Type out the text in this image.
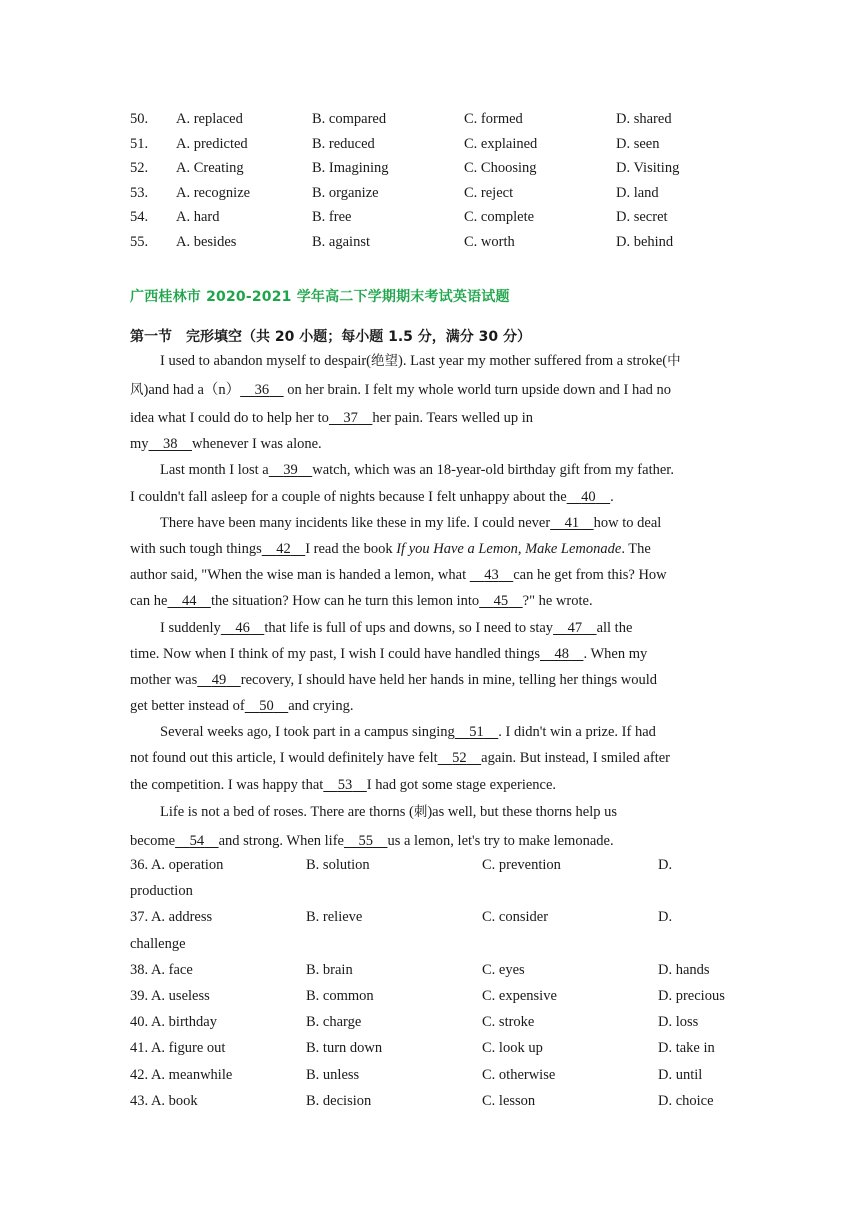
50. A. replaced	B. compared	C. formed	D. shared
51. A. predicted	B. reduced	C. explained	D. seen
52. A. Creating	B. Imagining	C. Choosing	D. Visiting
53. A. recognize	B. organize	C. reject	D. land
54. A. hard	B. free	C. complete	D. secret
55. A. besides	B. against	C. worth	D. behind
广西桂林市 2020-2021 学年高二下学期期末考试英语试题
第一节　完形填空（共 20 小题；每小题 1.5 分，满分 30 分）
I used to abandon myself to despair(绝望). Last year my mother suffered from a stroke(中
风)and had a（n） 36 on her brain. I felt my whole world turn upside down and I had no
idea what I could do to help her to 37 her pain. Tears welled up in
my 38 whenever I was alone.
Last month I lost a 39 watch, which was an 18-year-old birthday gift from my father.
I couldn't fall asleep for a couple of nights because I felt unhappy about the 40 .
There have been many incidents like these in my life. I could never 41 how to deal
with such tough things 42 I read the book If you Have a Lemon, Make Lemonade. The
author said, "When the wise man is handed a lemon, what 43 can he get from this? How
can he 44 the situation? How can he turn this lemon into 45 ?" he wrote.
I suddenly 46 that life is full of ups and downs, so I need to stay 47 all the
time. Now when I think of my past, I wish I could have handled things 48 . When my
mother was 49 recovery, I should have held her hands in mine, telling her things would
get better instead of 50 and crying.
Several weeks ago, I took part in a campus singing 51 . I didn't win a prize. If had
not found out this article, I would definitely have felt 52 again. But instead, I smiled after
the competition. I was happy that 53 I had got some stage experience.
Life is not a bed of roses. There are thorns (刺)as well, but these thorns help us
become 54 and strong. When life 55 us a lemon, let's try to make lemonade.
36. A. operation	B. solution	C. prevention	D.
production
37. A. address	B. relieve	C. consider	D.
challenge
38. A. face	B. brain	C. eyes	D. hands
39. A. useless	B. common	C. expensive	D. precious
40. A. birthday	B. charge	C. stroke	D. loss
41. A. figure out	B. turn down	C. look up	D. take in
42. A. meanwhile	B. unless	C. otherwise	D. until
43. A. book	B. decision	C. lesson	D. choice
